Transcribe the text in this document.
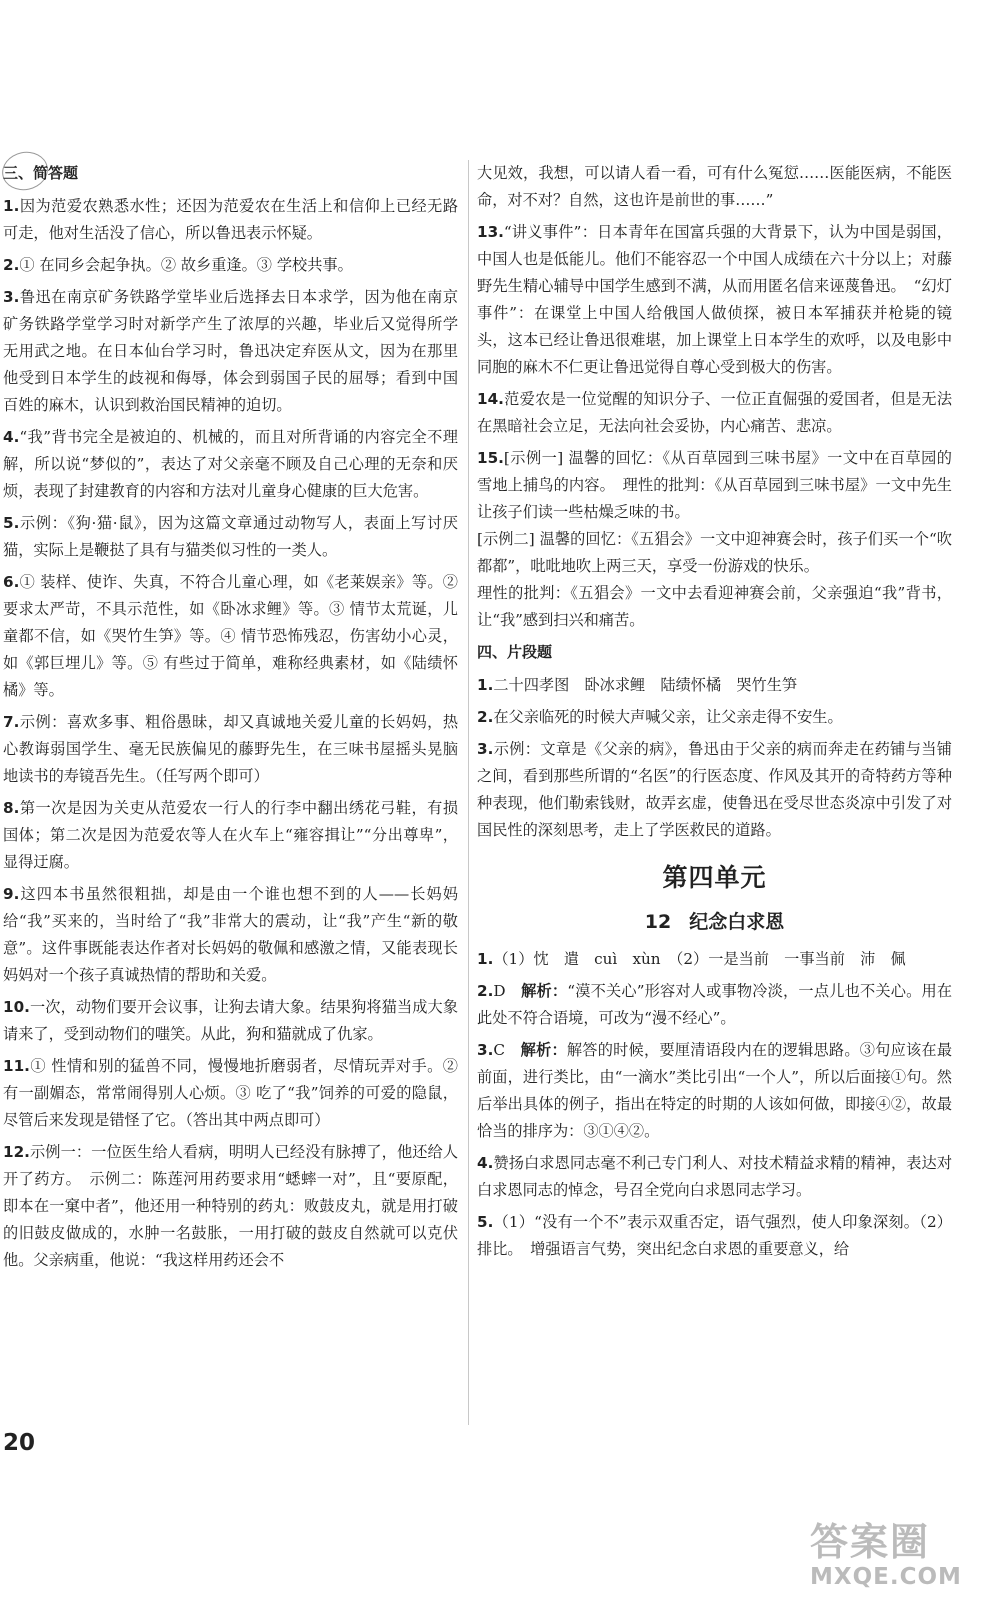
三、简答题

1.因为范爱农熟悉水性；还因为范爱农在生活上和信仰上已经无路可走，他对生活没了信心，所以鲁迅表示怀疑。

2.① 在同乡会起争执。② 故乡重逢。③ 学校共事。

3.鲁迅在南京矿务铁路学堂毕业后选择去日本求学，因为他在南京矿务铁路学堂学习时对新学产生了浓厚的兴趣，毕业后又觉得所学无用武之地。在日本仙台学习时，鲁迅决定弃医从文，因为在那里他受到日本学生的歧视和侮辱，体会到弱国子民的屈辱；看到中国百姓的麻木，认识到救治国民精神的迫切。

4.“我”背书完全是被迫的、机械的，而且对所背诵的内容完全不理解，所以说“梦似的”，表达了对父亲毫不顾及自己心理的无奈和厌烦，表现了封建教育的内容和方法对儿童身心健康的巨大危害。

5.示例：《狗·猫·鼠》，因为这篇文章通过动物写人，表面上写讨厌猫，实际上是鞭挞了具有与猫类似习性的一类人。

6.① 装样、使诈、失真，不符合儿童心理，如《老莱娱亲》等。② 要求太严苛，不具示范性，如《卧冰求鲤》等。③ 情节太荒诞，儿童都不信，如《哭竹生笋》等。④ 情节恐怖残忍，伤害幼小心灵，如《郭巨埋儿》等。⑤ 有些过于简单，难称经典素材，如《陆绩怀橘》等。

7.示例：喜欢多事、粗俗愚昧，却又真诚地关爱儿童的长妈妈，热心教诲弱国学生、毫无民族偏见的藤野先生，在三味书屋摇头晃脑地读书的寿镜吾先生。（任写两个即可）

8.第一次是因为关吏从范爱农一行人的行李中翻出绣花弓鞋，有损国体；第二次是因为范爱农等人在火车上“雍容揖让”“分出尊卑”，显得迂腐。

9.这四本书虽然很粗拙，却是由一个谁也想不到的人——长妈妈给“我”买来的，当时给了“我”非常大的震动，让“我”产生“新的敬意”。这件事既能表达作者对长妈妈的敬佩和感激之情，又能表现长妈妈对一个孩子真诚热情的帮助和关爱。

10.一次，动物们要开会议事，让狗去请大象。结果狗将猫当成大象请来了，受到动物们的嗤笑。从此，狗和猫就成了仇家。

11.① 性情和别的猛兽不同，慢慢地折磨弱者，尽情玩弄对手。② 有一副媚态，常常闹得别人心烦。③ 吃了“我”饲养的可爱的隐鼠，尽管后来发现是错怪了它。（答出其中两点即可）

12.示例一：一位医生给人看病，明明人已经没有脉搏了，他还给人开了药方。　示例二：陈莲河用药要求用“蟋蟀一对”，且“要原配，即本在一窠中者”，他还用一种特别的药丸：败鼓皮丸，就是用打破的旧鼓皮做成的，水肿一名鼓胀，一用打破的鼓皮自然就可以克伏他。父亲病重，他说：“我这样用药还会不

大见效，我想，可以请人看一看，可有什么冤愆……医能医病，不能医命，对不对？自然，这也许是前世的事……”

13.“讲义事件”：日本青年在国富兵强的大背景下，认为中国是弱国，中国人也是低能儿。他们不能容忍一个中国人成绩在六十分以上；对藤野先生精心辅导中国学生感到不满，从而用匿名信来诬蔑鲁迅。　“幻灯事件”：在课堂上中国人给俄国人做侦探，被日本军捕获并枪毙的镜头，这本已经让鲁迅很难堪，加上课堂上日本学生的欢呼，以及电影中同胞的麻木不仁更让鲁迅觉得自尊心受到极大的伤害。

14.范爱农是一位觉醒的知识分子、一位正直倔强的爱国者，但是无法在黑暗社会立足，无法向社会妥协，内心痛苦、悲凉。

15.[示例一] 温馨的回忆：《从百草园到三味书屋》一文中在百草园的雪地上捕鸟的内容。　理性的批判：《从百草园到三味书屋》一文中先生让孩子们读一些枯燥乏味的书。

[示例二] 温馨的回忆：《五猖会》一文中迎神赛会时，孩子们买一个“吹都都”，吡吡地吹上两三天，享受一份游戏的快乐。

理性的批判：《五猖会》一文中去看迎神赛会前，父亲强迫“我”背书，让“我”感到扫兴和痛苦。

四、片段题

1.二十四孝图　卧冰求鲤　陆绩怀橘　哭竹生笋

2.在父亲临死的时候大声喊父亲，让父亲走得不安生。

3.示例：文章是《父亲的病》，鲁迅由于父亲的病而奔走在药铺与当铺之间，看到那些所谓的“名医”的行医态度、作风及其开的奇特药方等种种表现，他们勒索钱财，故弄玄虚，使鲁迅在受尽世态炎凉中引发了对国民性的深刻思考，走上了学医救民的道路。

第四单元
12 纪念白求恩

1.（1）忱　遣　cuì　xùn　（2）一是当前　一事当前　沛　佩

2.D　 解析：“漠不关心”形容对人或事物冷淡，一点儿也不关心。用在此处不符合语境，可改为“漫不经心”。

3.C　 解析：解答的时候，要厘清语段内在的逻辑思路。③句应该在最前面，进行类比，由“一滴水”类比引出“一个人”，所以后面接①句。然后举出具体的例子，指出在特定的时期的人该如何做，即接④②，故最恰当的排序为：③①④②。

4.赞扬白求恩同志毫不利己专门利人、对技术精益求精的精神，表达对白求恩同志的悼念，号召全党向白求恩同志学习。

5.（1）“没有一个不”表示双重否定，语气强烈，使人印象深刻。（2）排比。　增强语言气势，突出纪念白求恩的重要意义，给

20
答案圈
MXQE.COM
